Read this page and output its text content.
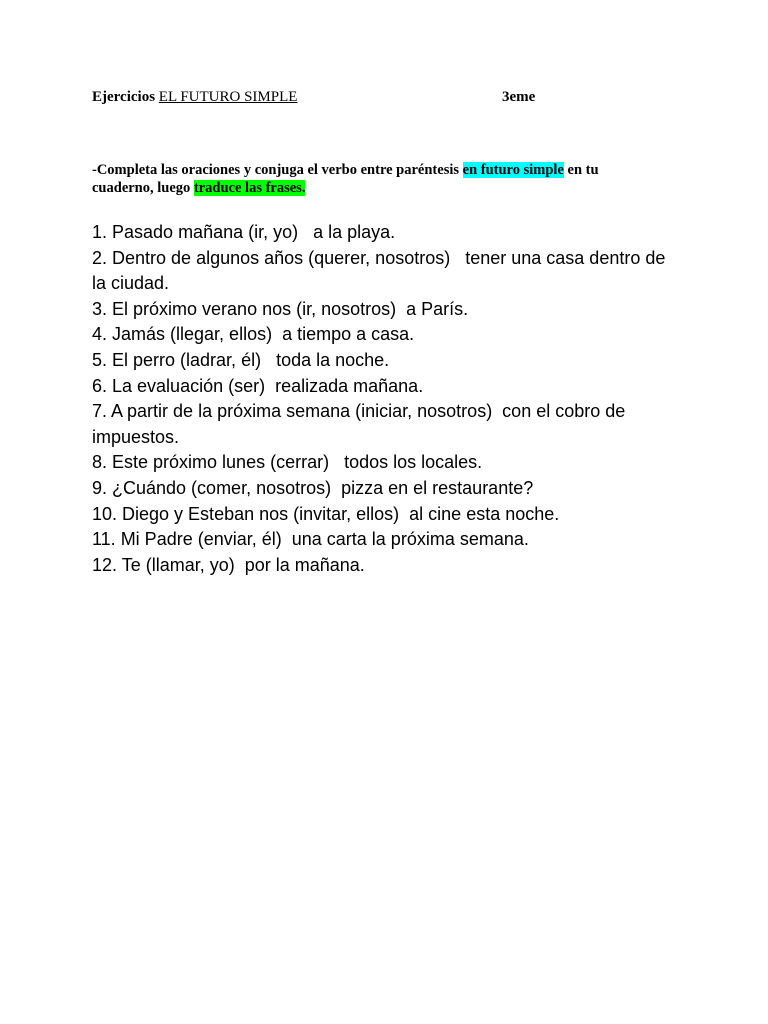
Ejercicios EL FUTURO SIMPLE	3eme
-Completa las oraciones y conjuga el verbo entre paréntesis en futuro simple en tu cuaderno, luego traduce las frases.
1. Pasado mañana (ir, yo)   a la playa.
2. Dentro de algunos años (querer, nosotros)   tener una casa dentro de la ciudad.
3. El próximo verano nos (ir, nosotros)  a París.
4. Jamás (llegar, ellos)  a tiempo a casa.
5. El perro (ladrar, él)   toda la noche.
6. La evaluación (ser)  realizada mañana.
7. A partir de la próxima semana (iniciar, nosotros)  con el cobro de impuestos.
8. Este próximo lunes (cerrar)   todos los locales.
9. ¿Cuándo (comer, nosotros)  pizza en el restaurante?
10. Diego y Esteban nos (invitar, ellos)  al cine esta noche.
11. Mi Padre (enviar, él)  una carta la próxima semana.
12. Te (llamar, yo)  por la mañana.
